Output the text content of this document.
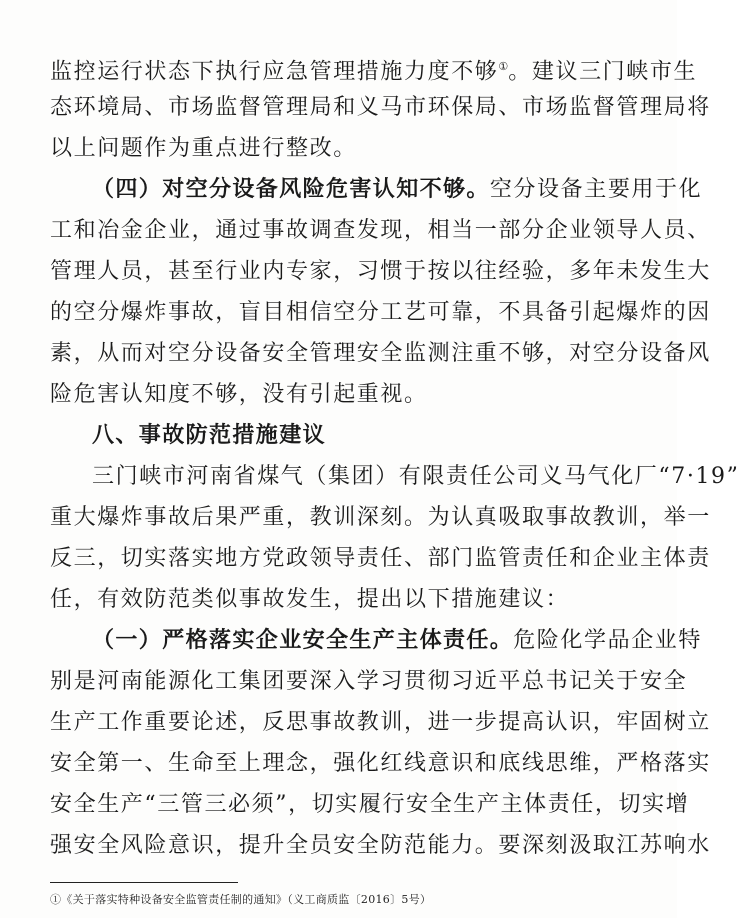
监控运行状态下执行应急管理措施力度不够①。建议三门峡市生
态环境局、市场监督管理局和义马市环保局、市场监督管理局将
以上问题作为重点进行整改。
（四）对空分设备风险危害认知不够。空分设备主要用于化
工和冶金企业，通过事故调查发现，相当一部分企业领导人员、
管理人员，甚至行业内专家，习惯于按以往经验，多年未发生大
的空分爆炸事故，盲目相信空分工艺可靠，不具备引起爆炸的因
素，从而对空分设备安全管理安全监测注重不够，对空分设备风
险危害认知度不够，没有引起重视。
八、事故防范措施建议
三门峡市河南省煤气（集团）有限责任公司义马气化厂“7·19”
重大爆炸事故后果严重，教训深刻。为认真吸取事故教训，举一
反三，切实落实地方党政领导责任、部门监管责任和企业主体责
任，有效防范类似事故发生，提出以下措施建议：
（一）严格落实企业安全生产主体责任。危险化学品企业特
别是河南能源化工集团要深入学习贯彻习近平总书记关于安全
生产工作重要论述，反思事故教训，进一步提高认识，牢固树立
安全第一、生命至上理念，强化红线意识和底线思维，严格落实
安全生产“三管三必须”，切实履行安全生产主体责任，切实增
强安全风险意识，提升全员安全防范能力。要深刻汲取江苏响水
①《关于落实特种设备安全监管责任制的通知》（义工商质监〔2016〕5号）
